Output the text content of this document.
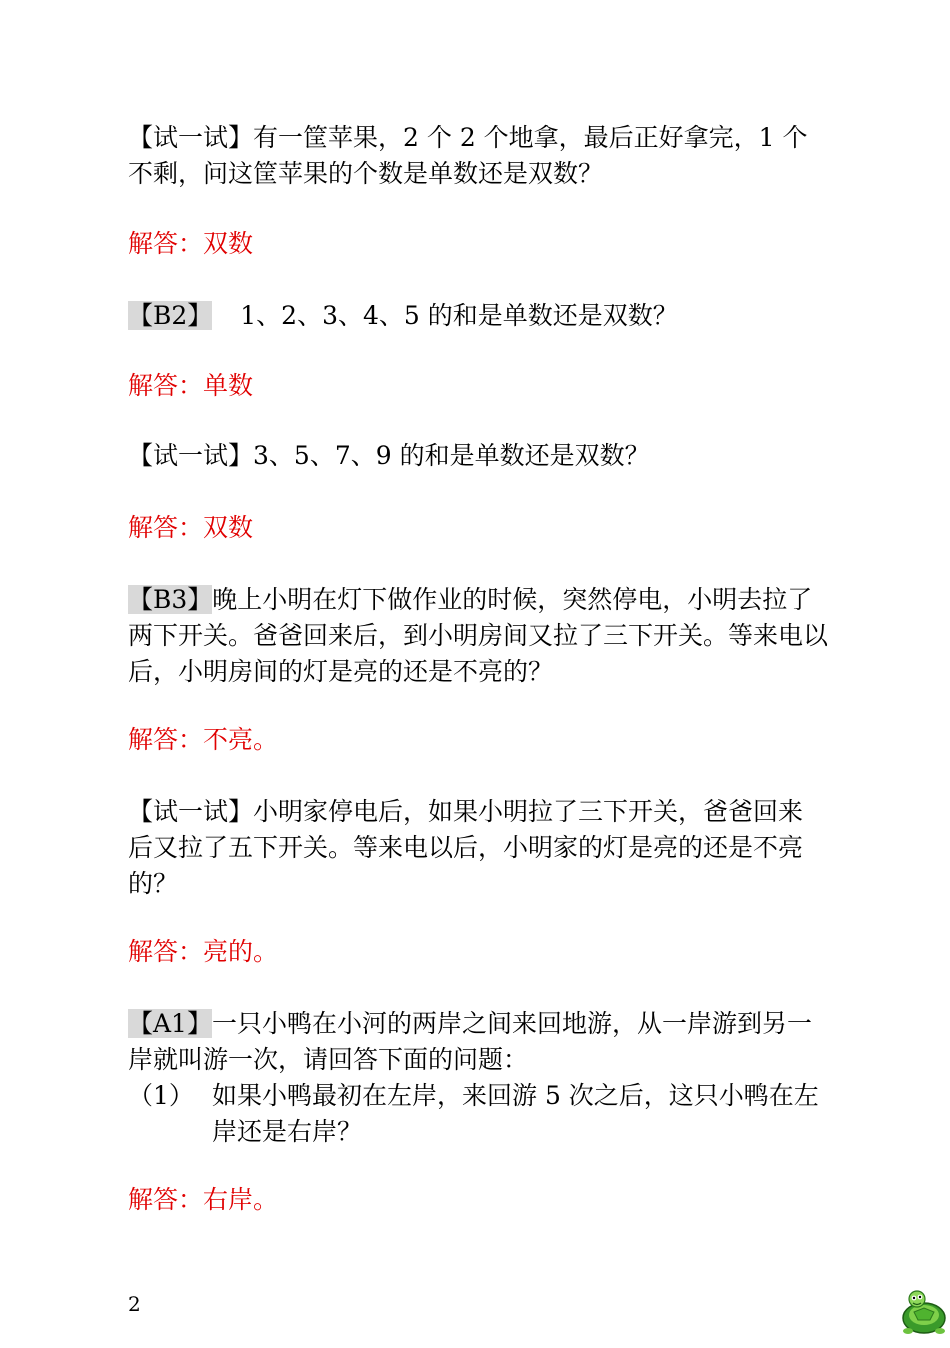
【试一试】有一筐苹果，2 个 2 个地拿，最后正好拿完，1 个不剩，问这筐苹果的个数是单数还是双数？

解答：双数

【B2】 1、2、3、4、5 的和是单数还是双数？

解答：单数

【试一试】3、5、7、9 的和是单数还是双数？

解答：双数

【B3】晚上小明在灯下做作业的时候，突然停电，小明去拉了两下开关。爸爸回来后，到小明房间又拉了三下开关。等来电以后，小明房间的灯是亮的还是不亮的？

解答：不亮。

【试一试】小明家停电后，如果小明拉了三下开关，爸爸回来后又拉了五下开关。等来电以后，小明家的灯是亮的还是不亮的？

解答：亮的。

【A1】一只小鸭在小河的两岸之间来回地游，从一岸游到另一岸就叫游一次，请回答下面的问题：

（1） 如果小鸭最初在左岸，来回游 5 次之后，这只小鸭在左岸还是右岸？

解答：右岸。

2
